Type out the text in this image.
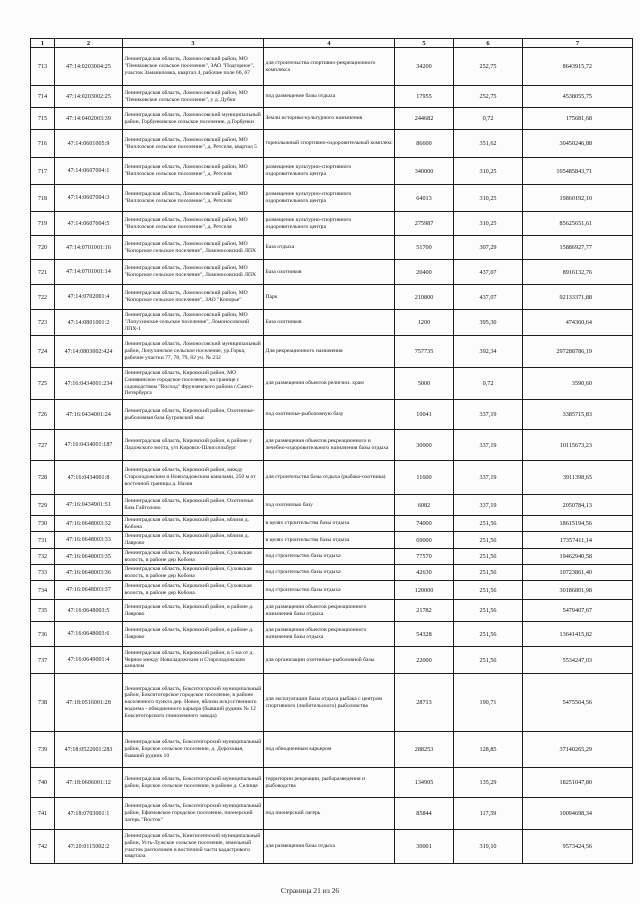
1	2	3	4	5	6	7
713	47:14:0203004:25	Ленинградская область, Ломоносовский район, МО "Пениковское сельское поселение", ЗАО "Подгорное", участок Заманиловка, квартал 4, рабочие поле 66, 67	для строительства спортивно-рекреационного комплекса	34200	252,75	8643915,72
714	47:14:0203002:25	Ленинградская область, Ломоносовский район, МО "Пениковское сельское поселение", у д. Дубки	под размещение базы отдыха	17955	252,75	4538055,75
715	47:14:0402003:39	Ленинградская область, Ломоносовский муниципальный район, Горбунковское сельское поселение, д.Горбунки	Земли историко-культурного назначения	244682	0,72	175681,68
716	47:14:0601005:9	Ленинградская область, Ломоносовский район, МО "Виллозское сельское поселение", д. Ретселя, квартал 5	горнолыжный спортивно-оздоровительный комплекс	86600	351,62	30450246,88
717	47:14:0607004:1	Ленинградская область, Ломоносовский район, МО "Виллозское сельское поселение", д. Ретселя	размещение культурно-спортивного оздоровительного центра	340000	310,25	105485843,71
718	47:14:0607004:3	Ленинградская область, Ломоносовский район, МО "Виллозское сельское поселение", д. Ретселя	размещение культурно-спортивного оздоровительного центра	64013	310,25	19860192,10
719	47:14:0607004:5	Ленинградская область, Ломоносовский район, МО "Виллозское сельское поселение", д. Ретселя	размещение культурно-спортивного оздоровительного центра	275987	310,25	85625651,61
720	47:14:0701001:16	Ленинградская область, Ломоносовский район, МО "Копорское сельское поселение", Ломоносовский ЛПХ	База отдыха	51700	307,29	15886927,77
721	47:14:0701001:14	Ленинградская область, Ломоносовский район, МО "Копорское сельское поселение", Ломоносовский ЛПХ	База охотников	20400	437,07	8916132,76
722	47:14:0702001:4	Ленинградская область, Ломоносовский район, МО "Копорское сельское поселение", ЗАО "Копорье"	Парк	210800	437,07	92133371,88
723	47:14:0801001:2	Ленинградская область, Ломоносовский район, МО "Лопухинское сельское поселение", Ломоносовский ЛПХ-1	База охотников	1200	395,30	474360,64
724	47:14:0803002:424	Ленинградская область, Ломоносовский муниципальный район, Лопухинское сельское поселение, ур.Горка, рабочие участки 77, 78, 79, 82 уч. № 232	Для рекреационного назначения	757735	392,34	297288786,19
725	47:16:0434001:234	Ленинградская область, Кировский район, МО Синявинское городское поселение, на границе с садоводством "Восход" Фрунзенского района г.Санкт-Петербурга	для размещения объектов религиоз. храм	5000	0,72	3590,60
726	47:16:0434001:24	Ленинградская область, Кировский район, Охотничье-рыболовная база Бугровский мыс	под охотничье-рыболовную базу	10041	337,19	3385715,83
727	47:16:0434001:187	Ленинградская область, Кировский район, в районе у Ладожского моста, у/п Кировск-Шлиссельбург	для размещения объектов рекреационного и лечебно-оздоровительного назначения базы отдыха	30000	337,19	10115673,23
728	47:16:0434001:8	Ленинградская область, Кировский район, между Староладожским и Новоладожским каналами, 250 м от восточной границы д. Назия	для строительства базы отдыха (рыбако-охотника)	11600	337,19	3911398,65
729	47:16:0434901:51	Ленинградская область, Кировский район, Охотничья база Гайтолово	под охотничью базу	6082	337,19	2050784,13
730	47:16:0648003:32	Ленинградская область, Кировский район, вблизи д. Кобона	в целях строительства базы отдыха	74000	251,56	18615194,56
731	47:16:0648003:33	Ленинградская область, Кировский район, вблизи д. Лаврово	в целях строительства базы отдыха	69000	251,56	17357411,14
732	47:16:0648003:35	Ленинградская область, Кировский район, Суховская волость, в районе дер Кобона	под строительство базы отдыха	77570	251,56	19462940,58
733	47:16:0648003:36	Ленинградская область, Кировский район, Суховская волость, в районе дер Кобона	под строительство базы отдыха	42630	251,56	10723861,40
734	47:16:0648003:37	Ленинградская область, Кировский район, Суховская волость, в районе дер Кобона	под строительство базы отдыха	120000	251,56	30186801,98
735	47:16:0648003:5	Ленинградская область, Кировский район, в районе д. Лаврово	для размещения объектов рекреационного назначения базы отдыха	21782	251,56	5479407,67
736	47:16:0648003:6	Ленинградская область, Кировский район, в районе д. Лаврово	для размещения объектов рекреационного назначения базы отдыха	54328	251,56	13641415,82
737	47:16:0649001:4	Ленинградская область, Кировский район, в 5 км от д. Черное между Новоладожским и Староладожским каналом	для организации охотничье-рыболовной базы	22000	251,56	5534247,03
738	47:18:0516001:28	Ленинградская область, Бокситогорский муниципальный район, Бокситогорское городское поселение, в районе населенного пункта дер. Новое, вблизи искусственного водоема - обводненного карьера (бывший рудник № 12 Бокситогорского глиноземного завода)	для эксплуатации базы отдыха рыбака с центром спортивного (любительского) рыболовства	28713	190,71	5475564,56
739	47:18:0522001:283	Ленинградская область, Бокситогорский муниципальный район, Борское сельское поселение, д. Дороховая, бывший рудник 10	под обводненным карьером	288253	128,85	37140265,29
740	47:18:0606001:12	Ленинградская область, Бокситогорский муниципальный район, Борское сельское поселение, в районе д. Селище	территории рекреации, рыборазведения и рыбоводства	134905	135,29	18251047,80
741	47:18:0703001:1	Ленинградская область, Бокситогорский муниципальный район, Ефимовское городское поселение, пионерский лагерь "Восток"	под пионерский лагерь	85844	117,59	10094698,34
742	47:20:0115002:2	Ленинградская область, Кингисеппский муниципальный район, Усть-Лужское сельское поселение, земельный участок расположен в восточной части кадастрового квартала	для размещения базы отдыха	30001	319,10	9573424,56
Страница 21 из 26
